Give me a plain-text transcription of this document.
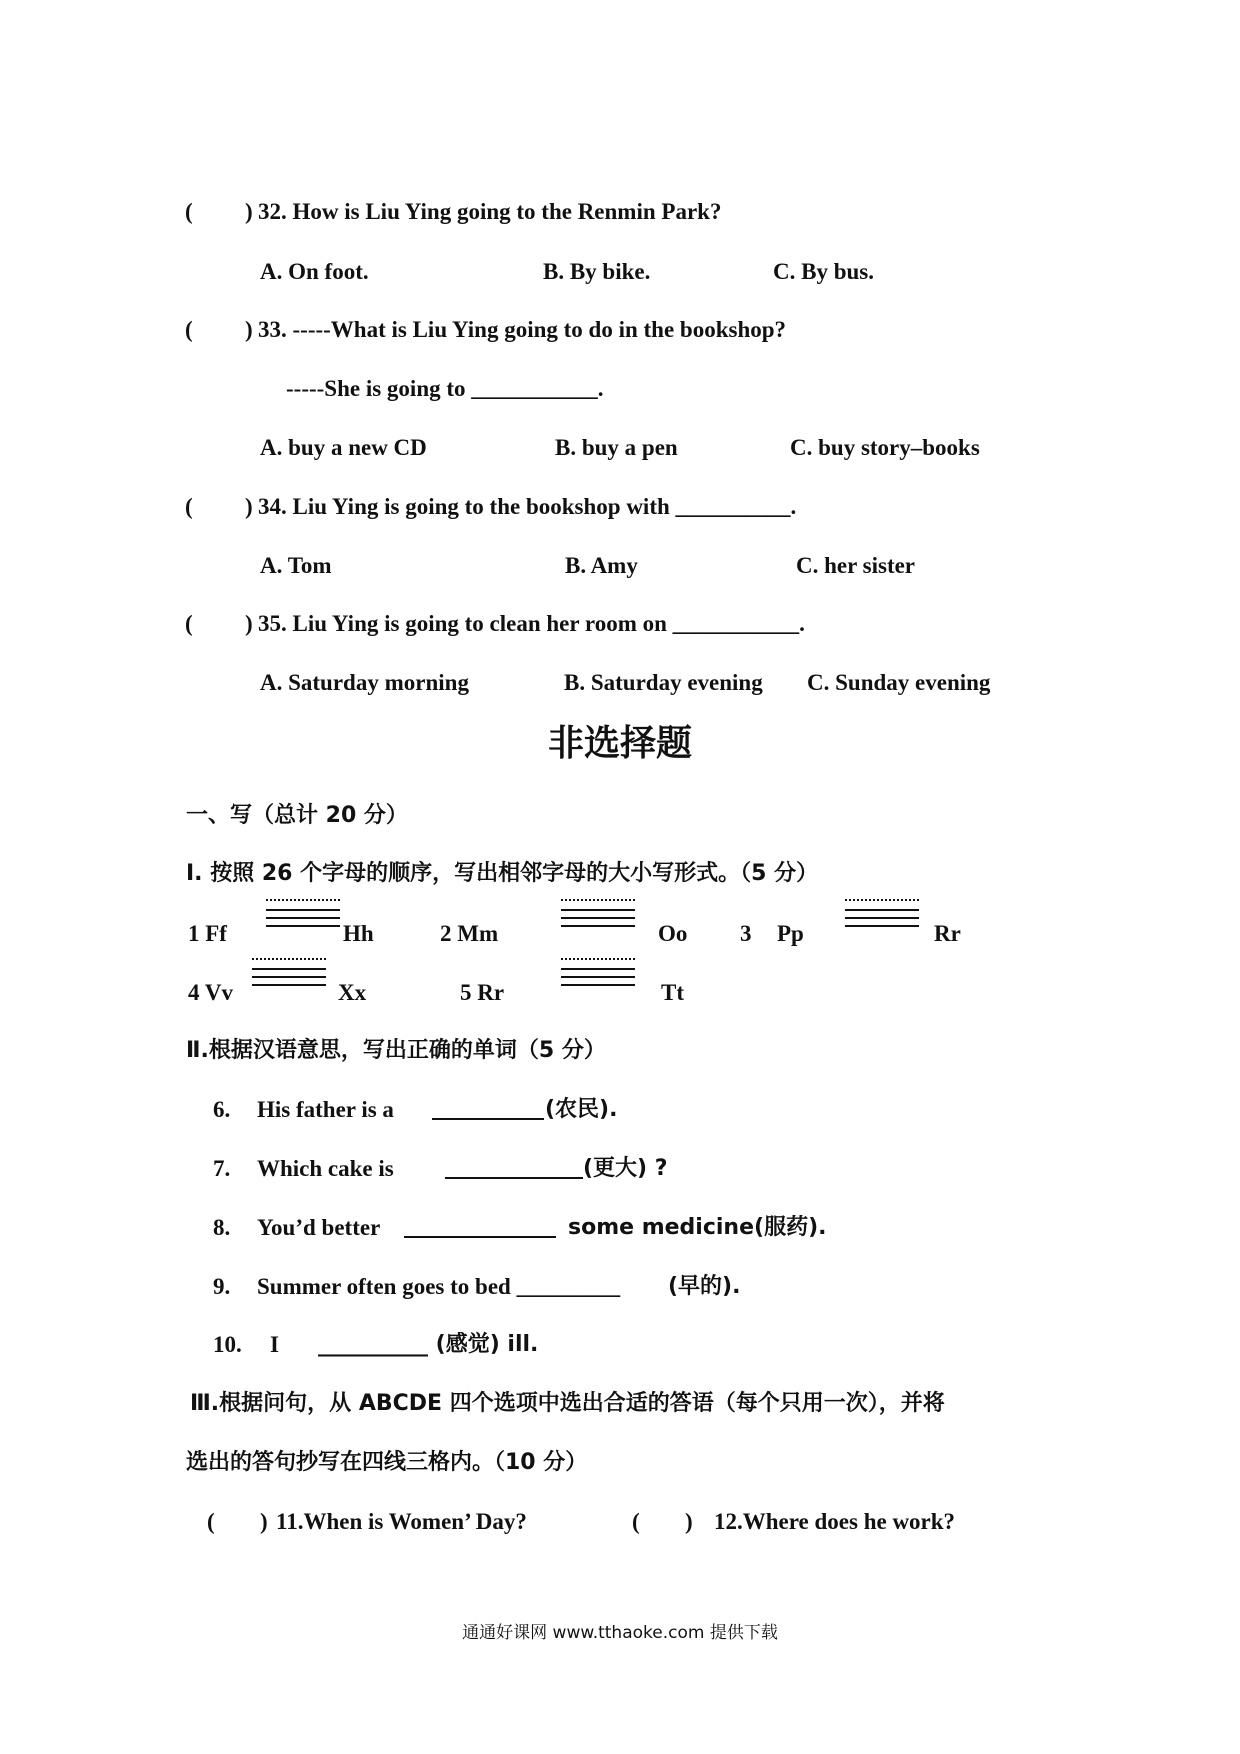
( ) 32. How is Liu Ying going to the Renmin Park?
A. On foot.	B. By bike.	C. By bus.
( ) 33. -----What is Liu Ying going to do in the bookshop?
-----She is going to ___________.
A. buy a new CD	B. buy a pen	C. buy story–books
( ) 34. Liu Ying is going to the bookshop with __________.
A. Tom	B. Amy	C. her sister
( ) 35. Liu Ying is going to clean her room on ___________.
A. Saturday morning	B. Saturday evening C. Sunday evening
非选择题
一、写（总计 20 分）
I. 按照 26 个字母的顺序，写出相邻字母的大小写形式。（5 分）
1 Ff	Hh	2 Mm	Oo 3 Pp	Rr
4 Vv	Xx	5 Rr	Tt
Ⅱ.根据汉语意思，写出正确的单词（5 分）
6. His father is a	(农民).
7. Which cake is	(更大) ?
8. You’d better	some medicine(服药).
9. Summer often goes to bed _________ (早的).
10. I __________ (感觉) ill.
Ⅲ.根据问句，从 ABCDE 四个选项中选出合适的答语（每个只用一次），并将
选出的答句抄写在四线三格内。（10 分）
( ) 11.When is Women’ Day?	( ) 12.Where does he work?
通通好课网 www.tthaoke.com 提供下载
